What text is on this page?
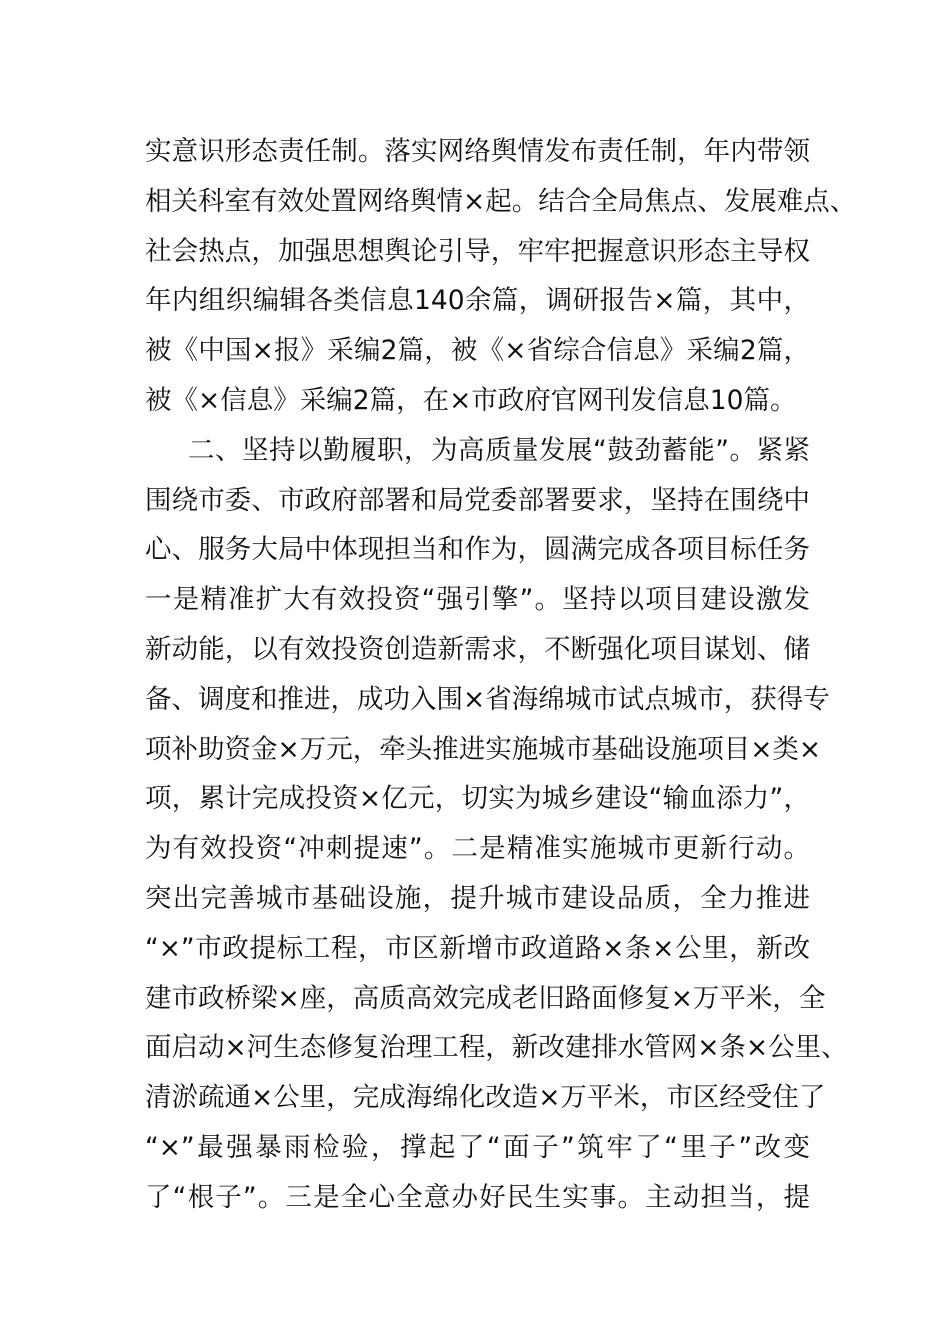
实意识形态责任制。落实网络舆情发布责任制，年内带领
相关科室有效处置网络舆情×起。结合全局焦点、发展难点、
社会热点，加强思想舆论引导，牢牢把握意识形态主导权
年内组织编辑各类信息140余篇，调研报告×篇，其中，
被《中国×报》采编2篇，被《×省综合信息》采编2篇，
被《×信息》采编2篇，在×市政府官网刊发信息10篇。
二、坚持以勤履职，为高质量发展“鼓劲蓄能”。紧紧
围绕市委、市政府部署和局党委部署要求，坚持在围绕中
心、服务大局中体现担当和作为，圆满完成各项目标任务
一是精准扩大有效投资“强引擎”。坚持以项目建设激发
新动能，以有效投资创造新需求，不断强化项目谋划、储
备、调度和推进，成功入围×省海绵城市试点城市，获得专
项补助资金×万元，牵头推进实施城市基础设施项目×类×
项，累计完成投资×亿元，切实为城乡建设“输血添力”，
为有效投资“冲刺提速”。二是精准实施城市更新行动。
突出完善城市基础设施，提升城市建设品质，全力推进
“×”市政提标工程，市区新增市政道路×条×公里，新改
建市政桥梁×座，高质高效完成老旧路面修复×万平米，全
面启动×河生态修复治理工程，新改建排水管网×条×公里、
清淤疏通×公里，完成海绵化改造×万平米，市区经受住了
“×”最强暴雨检验，撑起了“面子”筑牢了“里子”改变
了“根子”。三是全心全意办好民生实事。主动担当，提
